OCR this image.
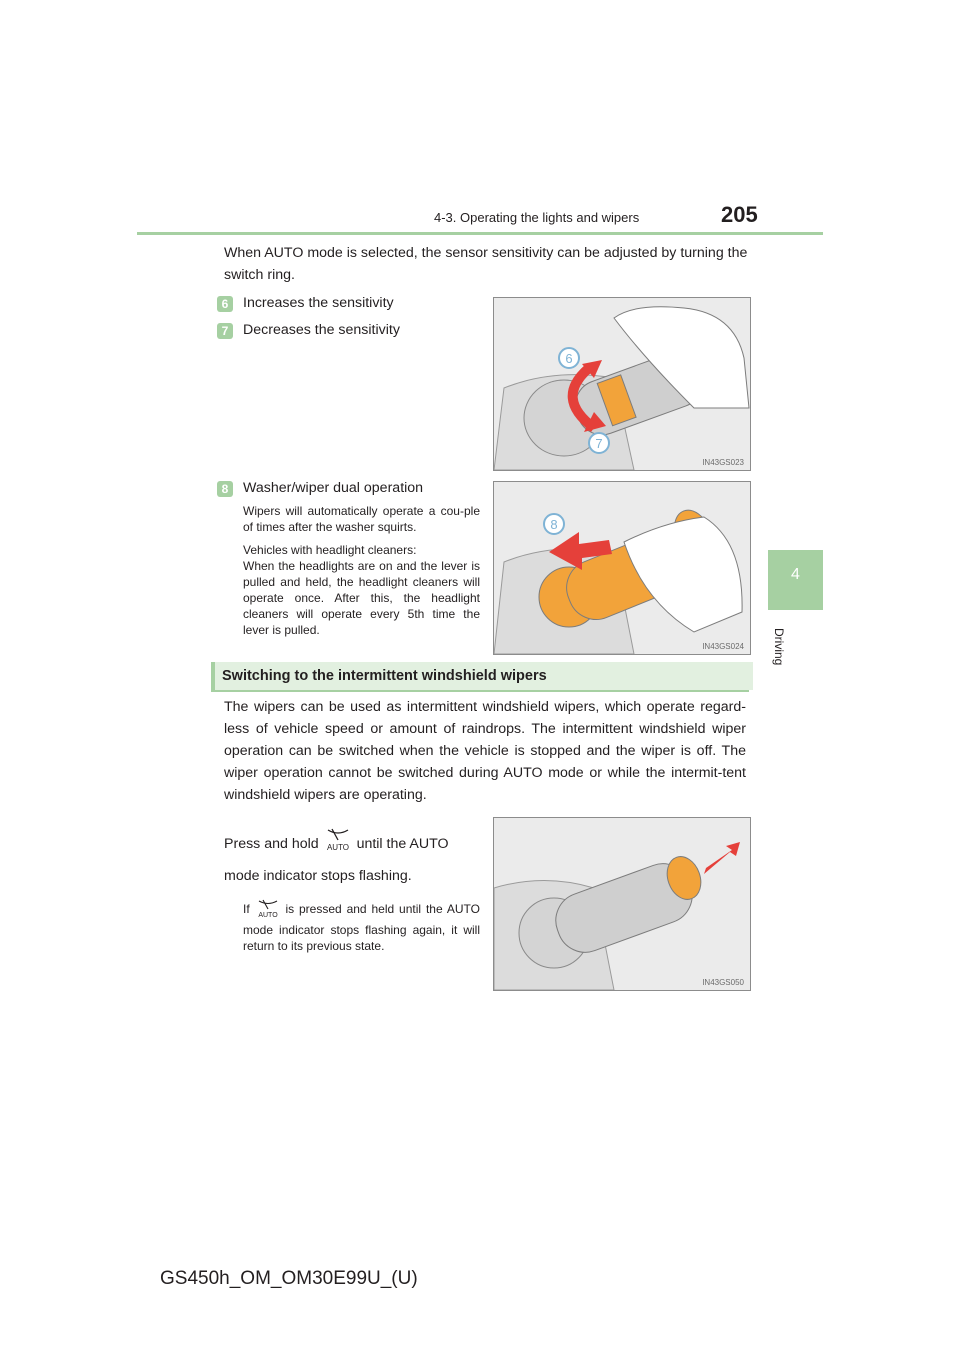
4-3. Operating the lights and wipers	205
4
Driving
When AUTO mode is selected, the sensor sensitivity can be adjusted by turning the switch ring.
6	Increases the sensitivity
7	Decreases the sensitivity
6
7
IN43GS023
8	Washer/wiper dual operation
Wipers will automatically operate a cou-ple of times after the washer squirts.
Vehicles with headlight cleaners:
When the headlights are on and the lever is pulled and held, the headlight cleaners will operate once. After this, the headlight cleaners will operate every 5th time the lever is pulled.
8
IN43GS024
Switching to the intermittent windshield wipers
The wipers can be used as intermittent windshield wipers, which operate regard-less of vehicle speed or amount of raindrops. The intermittent windshield wiper operation can be switched when the vehicle is stopped and the wiper is off. The wiper operation cannot be switched during AUTO mode or while the intermit-tent windshield wipers are operating.
Press and hold AUTO until the AUTO mode indicator stops flashing.
If AUTO is pressed and held until the AUTO mode indicator stops flashing again, it will return to its previous state.
IN43GS050
GS450h_OM_OM30E99U_(U)
